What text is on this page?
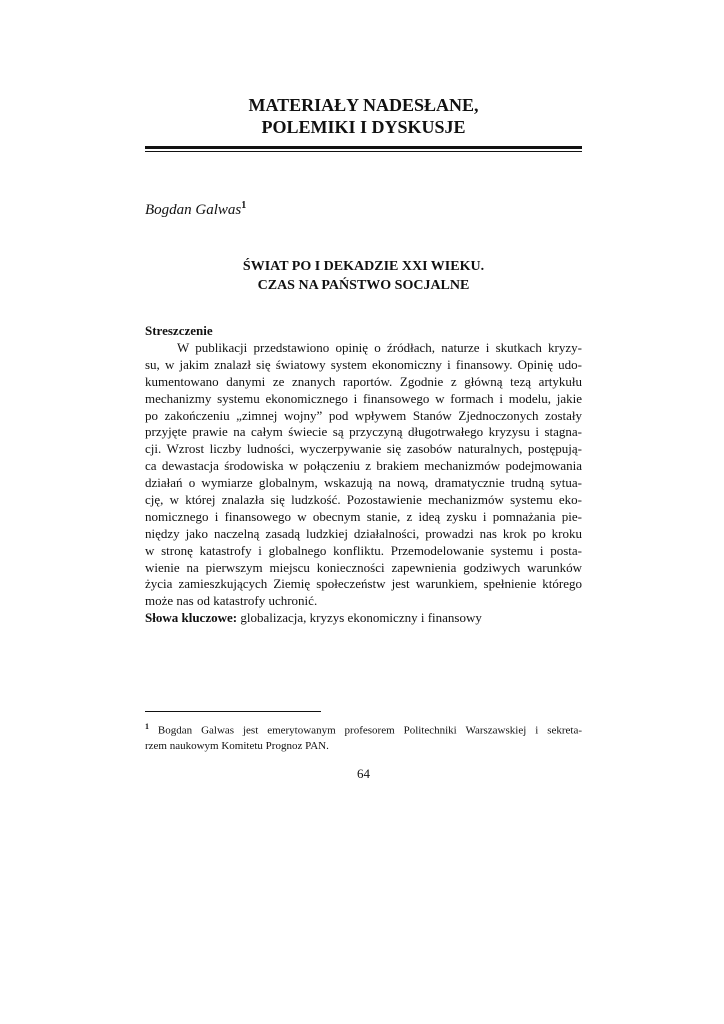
MATERIAŁY NADESŁANE,
POLEMIKI I DYSKUSJE
Bogdan Galwas$^1$
ŚWIAT PO I DEKADZIE XXI WIEKU.
CZAS NA PAŃSTWO SOCJALNE
Streszczenie
W publikacji przedstawiono opinię o źródłach, naturze i skutkach kryzy-
su, w jakim znalazł się światowy system ekonomiczny i finansowy. Opinię udo-
kumentowano danymi ze znanych raportów. Zgodnie z główną tezą artykułu
mechanizmy systemu ekonomicznego i finansowego w formach i modelu, jakie
po zakończeniu „zimnej wojny” pod wpływem Stanów Zjednoczonych zostały
przyjęte prawie na całym świecie są przyczyną długotrwałego kryzysu i stagna-
cji. Wzrost liczby ludności, wyczerpywanie się zasobów naturalnych, postępują-
ca dewastacja środowiska w połączeniu z brakiem mechanizmów podejmowania
działań o wymiarze globalnym, wskazują na nową, dramatycznie trudną sytua-
cję, w której znalazła się ludzkość. Pozostawienie mechanizmów systemu eko-
nomicznego i finansowego w obecnym stanie, z ideą zysku i pomnażania pie-
niędzy jako naczelną zasadą ludzkiej działalności, prowadzi nas krok po kroku
w stronę katastrofy i globalnego konfliktu. Przemodelowanie systemu i posta-
wienie na pierwszym miejscu konieczności zapewnienia godziwych warunków
życia zamieszkujących Ziemię społeczeństw jest warunkiem, spełnienie którego
może nas od katastrofy uchronić.
Słowa kluczowe: globalizacja, kryzys ekonomiczny i finansowy
$^1$ Bogdan Galwas jest emerytowanym profesorem Politechniki Warszawskiej i sekreta-
rzem naukowym Komitetu Prognoz PAN.
64
